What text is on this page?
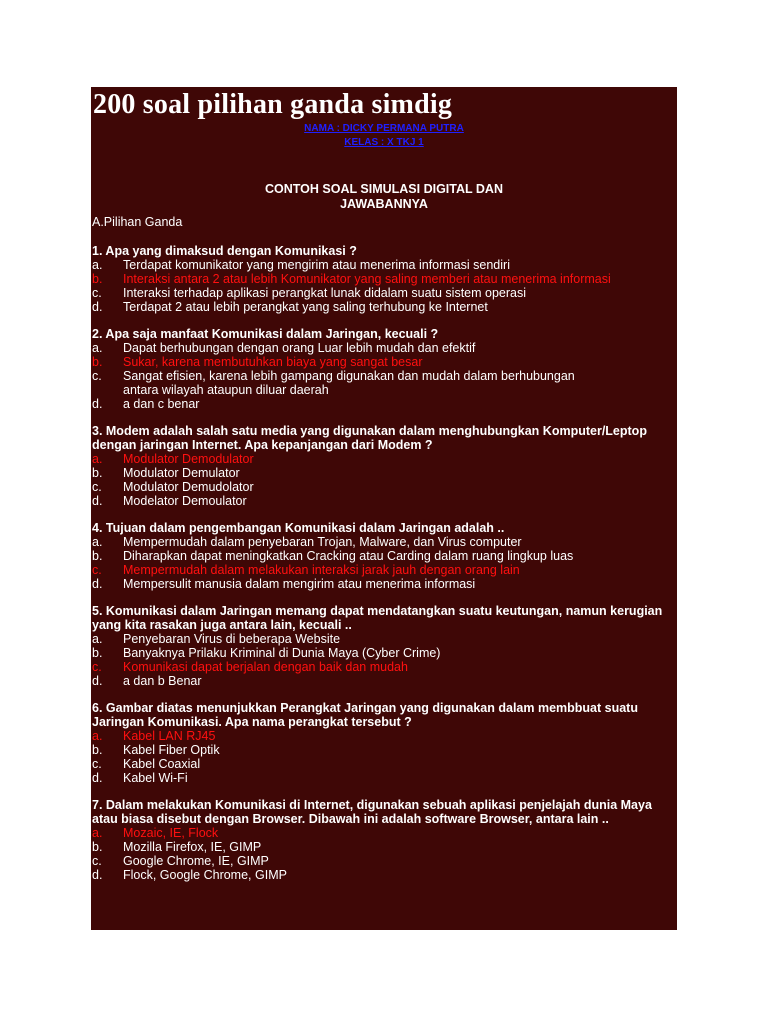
200 soal pilihan ganda simdig
NAMA : DICKY PERMANA PUTRA
KELAS : X TKJ 1
CONTOH SOAL SIMULASI DIGITAL DAN
JAWABANNYA
A.Pilihan Ganda
1. Apa yang dimaksud dengan Komunikasi ?
a.	Terdapat komunikator yang mengirim atau menerima informasi sendiri
b.	Interaksi antara 2 atau lebih Komunikator yang saling memberi atau menerima informasi
c.	Interaksi terhadap aplikasi perangkat lunak didalam suatu sistem operasi
d.	Terdapat 2 atau lebih perangkat yang saling terhubung ke Internet
2. Apa saja manfaat Komunikasi dalam Jaringan, kecuali ?
a.	Dapat berhubungan dengan orang Luar lebih mudah dan efektif
b.	Sukar, karena membutuhkan biaya yang sangat besar
c.	Sangat efisien, karena lebih gampang digunakan dan mudah dalam berhubungan antara wilayah ataupun diluar daerah
d.	a dan c benar
3. Modem adalah salah satu media yang digunakan dalam menghubungkan Komputer/Leptop dengan jaringan Internet. Apa kepanjangan dari Modem ?
a.	Modulator Demodulator
b.	Modulator Demulator
c.	Modulator Demudolator
d.	Modelator Demoulator
4. Tujuan dalam pengembangan Komunikasi dalam Jaringan adalah ..
a.	Mempermudah dalam penyebaran Trojan, Malware, dan Virus computer
b.	Diharapkan dapat meningkatkan Cracking atau Carding dalam ruang lingkup luas
c.	Mempermudah dalam melakukan interaksi jarak jauh dengan orang lain
d.	Mempersulit manusia dalam mengirim atau menerima informasi
5. Komunikasi dalam Jaringan memang dapat mendatangkan suatu keutungan, namun kerugian yang kita rasakan juga antara lain, kecuali ..
a.	Penyebaran Virus di beberapa Website
b.	Banyaknya Prilaku Kriminal di Dunia Maya (Cyber Crime)
c.	Komunikasi dapat berjalan dengan baik dan mudah
d.	a dan b Benar
6. Gambar diatas menunjukkan Perangkat Jaringan yang digunakan dalam membbuat suatu Jaringan Komunikasi. Apa nama perangkat tersebut ?
a.	Kabel LAN RJ45
b.	Kabel Fiber Optik
c.	Kabel Coaxial
d.	Kabel Wi-Fi
7. Dalam melakukan Komunikasi di Internet, digunakan sebuah aplikasi penjelajah dunia Maya atau biasa disebut dengan Browser. Dibawah ini adalah software Browser, antara lain ..
a.	Mozaic, IE, Flock
b.	Mozilla Firefox, IE, GIMP
c.	Google Chrome, IE, GIMP
d.	Flock, Google Chrome, GIMP
